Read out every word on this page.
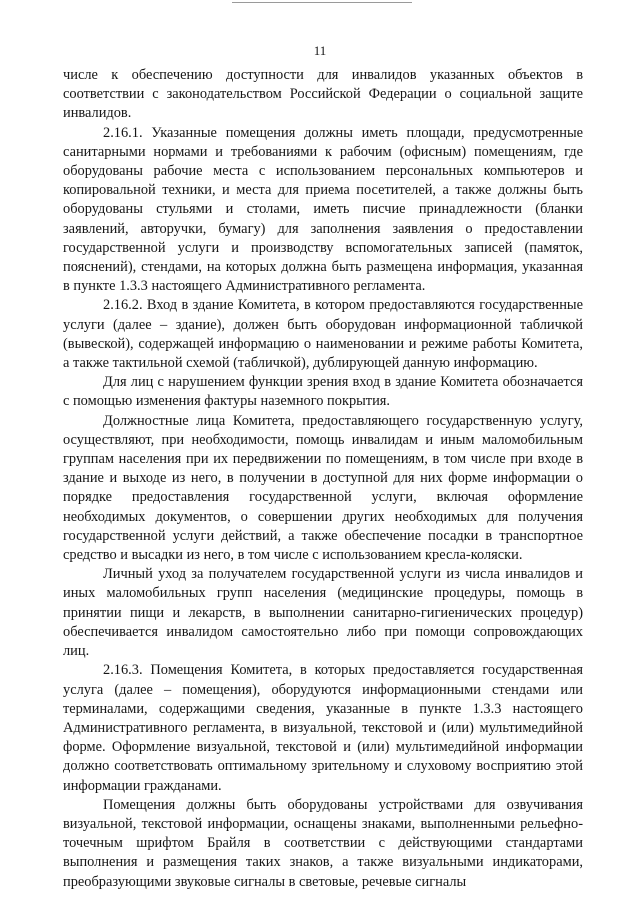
11

числе к обеспечению доступности для инвалидов указанных объектов в соответствии с законодательством Российской Федерации о социальной защите инвалидов.

2.16.1. Указанные помещения должны иметь площади, предусмотренные санитарными нормами и требованиями к рабочим (офисным) помещениям, где оборудованы рабочие места с использованием персональных компьютеров и копировальной техники, и места для приема посетителей, а также должны быть оборудованы стульями и столами, иметь писчие принадлежности (бланки заявлений, авторучки, бумагу) для заполнения заявления о предоставлении государственной услуги и производству вспомогательных записей (памяток, пояснений), стендами, на которых должна быть размещена информация, указанная в пункте 1.3.3 настоящего Административного регламента.

2.16.2. Вход в здание Комитета, в котором предоставляются государственные услуги (далее – здание), должен быть оборудован информационной табличкой (вывеской), содержащей информацию о наименовании и режиме работы Комитета, а также тактильной схемой (табличкой), дублирующей данную информацию.

Для лиц с нарушением функции зрения вход в здание Комитета обозначается с помощью изменения фактуры наземного покрытия.

Должностные лица Комитета, предоставляющего государственную услугу, осуществляют, при необходимости, помощь инвалидам и иным маломобильным группам населения при их передвижении по помещениям, в том числе при входе в здание и выходе из него, в получении в доступной для них форме информации о порядке предоставления государственной услуги, включая оформление необходимых документов, о совершении других необходимых для получения государственной услуги действий, а также обеспечение посадки в транспортное средство и высадки из него, в том числе с использованием кресла-коляски.

Личный уход за получателем государственной услуги из числа инвалидов и иных маломобильных групп населения (медицинские процедуры, помощь в принятии пищи и лекарств, в выполнении санитарно-гигиенических процедур) обеспечивается инвалидом самостоятельно либо при помощи сопровождающих лиц.

2.16.3. Помещения Комитета, в которых предоставляется государственная услуга (далее – помещения), оборудуются информационными стендами или терминалами, содержащими сведения, указанные в пункте 1.3.3 настоящего Административного регламента, в визуальной, текстовой и (или) мультимедийной форме. Оформление визуальной, текстовой и (или) мультимедийной информации должно соответствовать оптимальному зрительному и слуховому восприятию этой информации гражданами.

Помещения должны быть оборудованы устройствами для озвучивания визуальной, текстовой информации, оснащены знаками, выполненными рельефно-точечным шрифтом Брайля в соответствии с действующими стандартами выполнения и размещения таких знаков, а также визуальными индикаторами, преобразующими звуковые сигналы в световые, речевые сигналы
